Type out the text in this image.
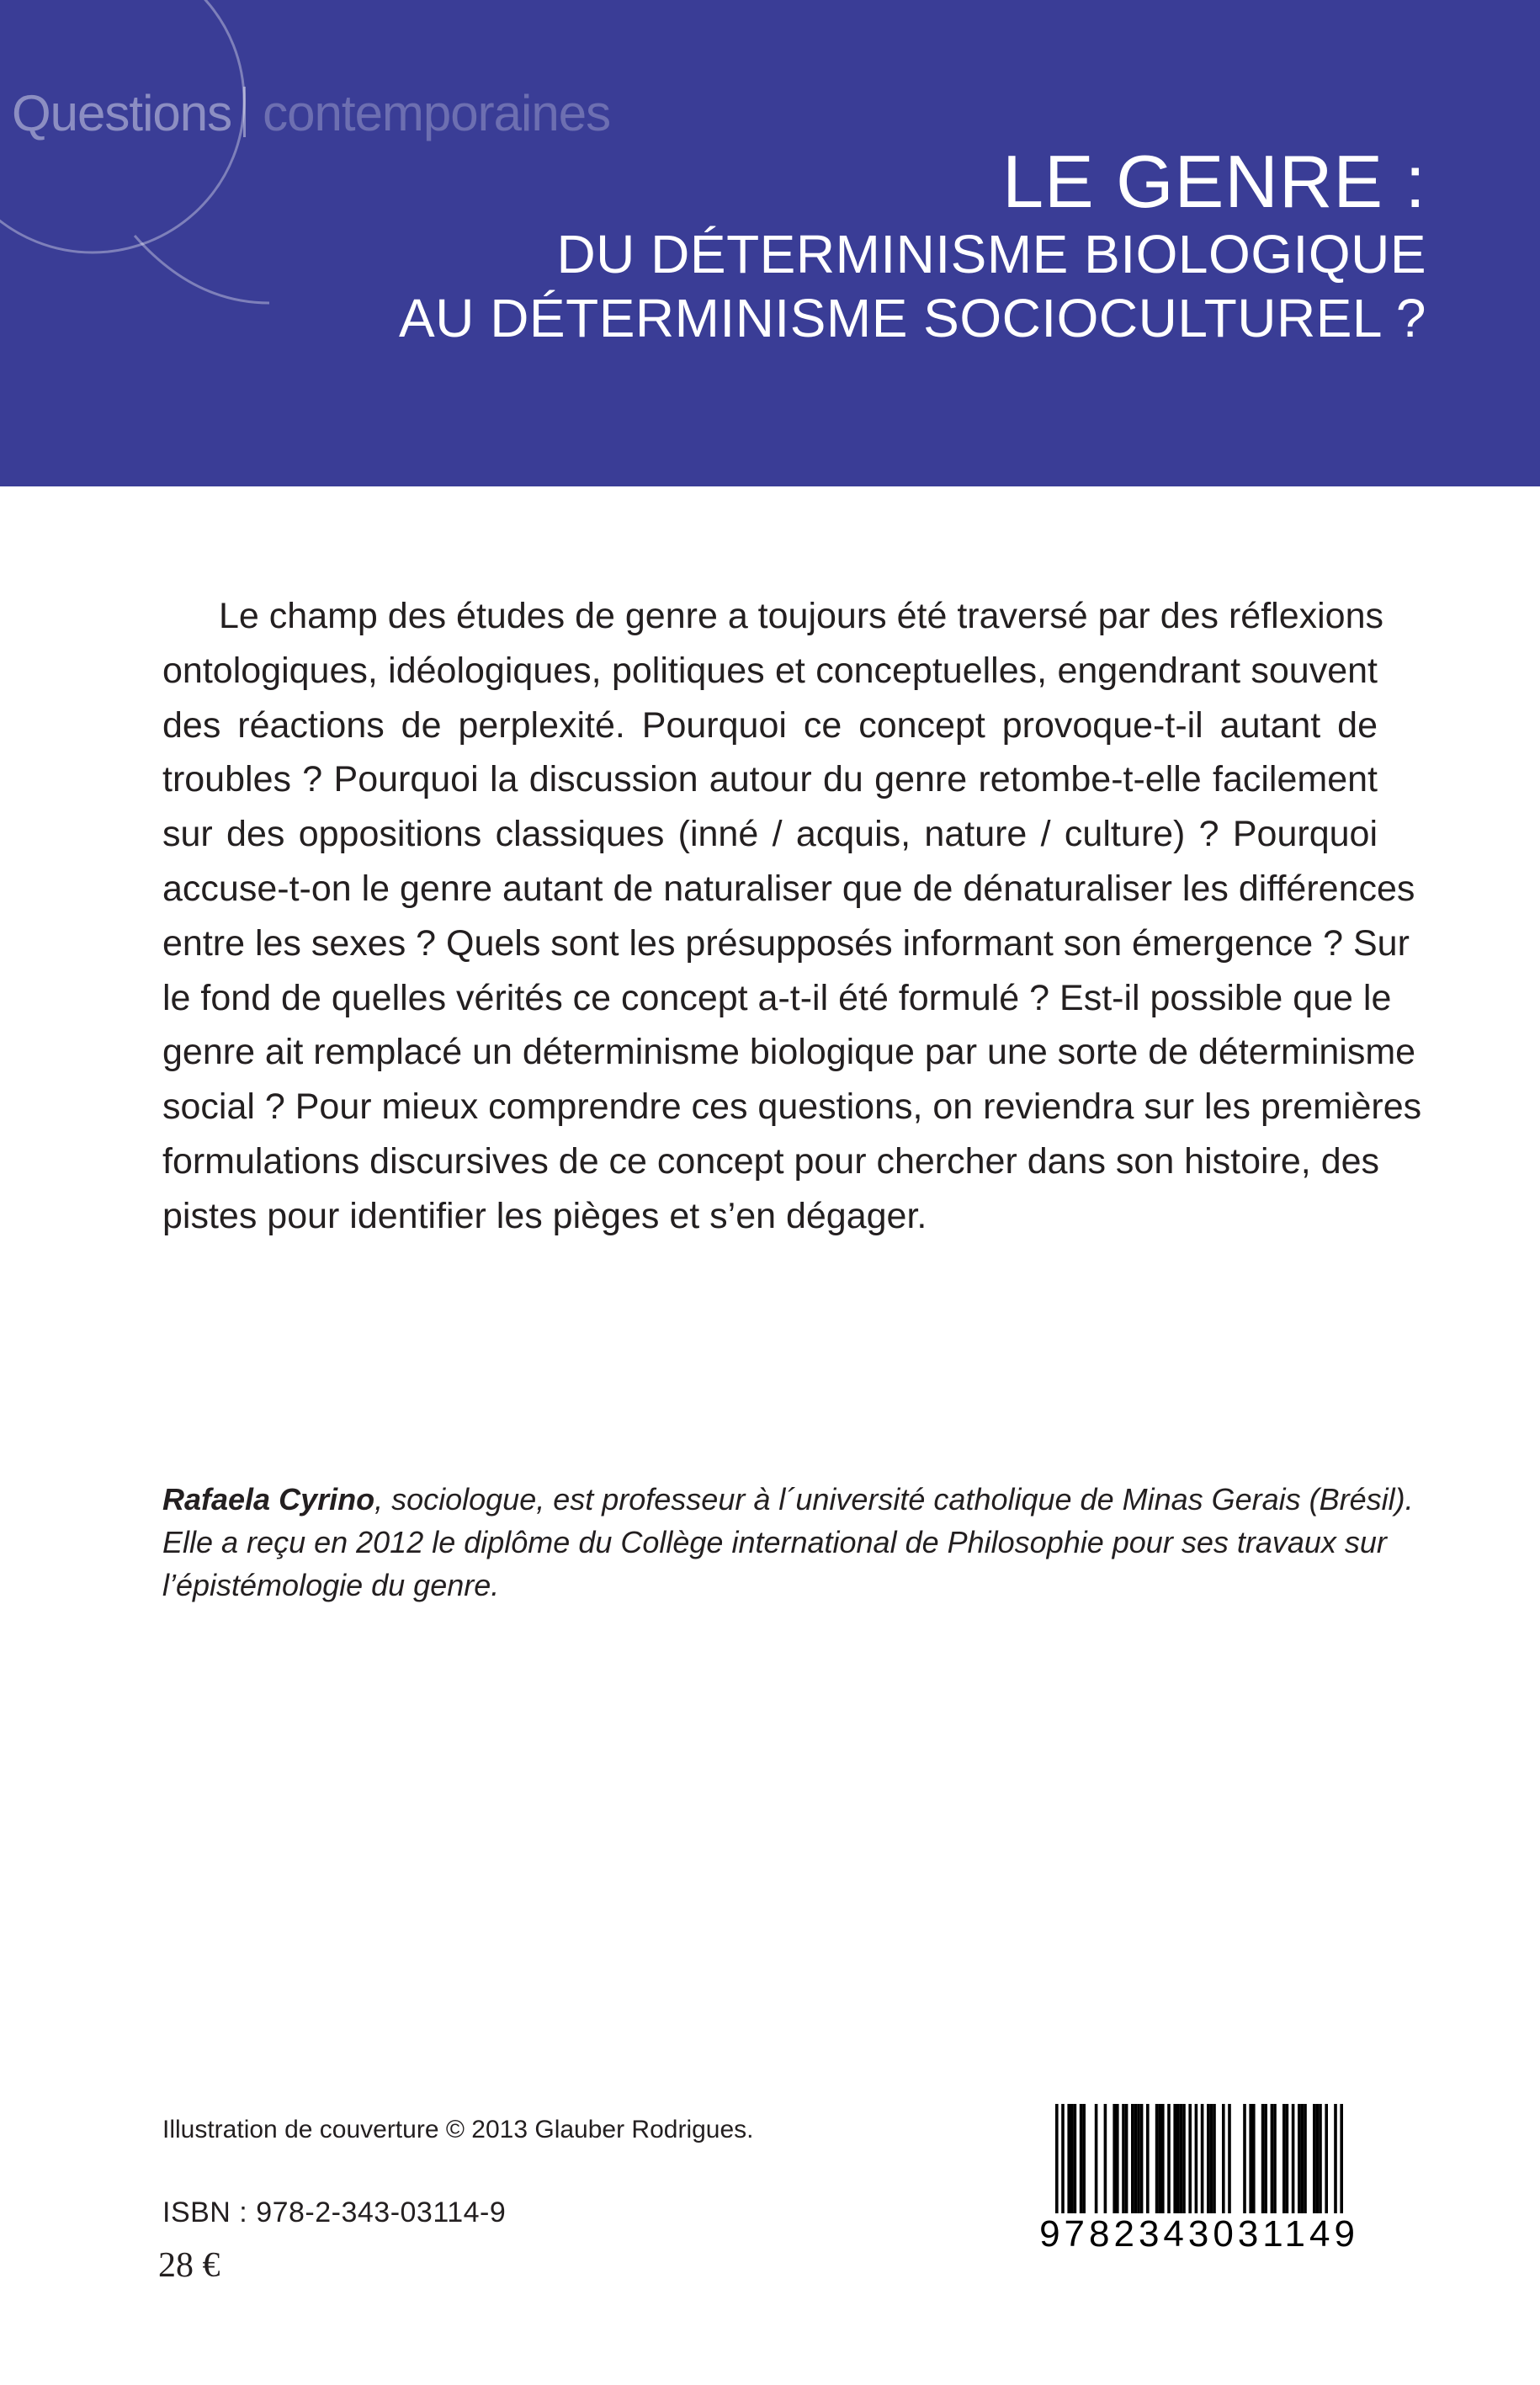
Questions contemporaines
LE GENRE :
DU DÉTERMINISME BIOLOGIQUE
AU DÉTERMINISME SOCIOCULTUREL ?
Le champ des études de genre a toujours été traversé par des réflexions
ontologiques, idéologiques, politiques et conceptuelles, engendrant souvent
des réactions de perplexité. Pourquoi ce concept provoque-t-il autant de
troubles ? Pourquoi la discussion autour du genre retombe-t-elle facilement
sur des oppositions classiques (inné / acquis, nature / culture) ? Pourquoi
accuse-t-on le genre autant de naturaliser que de dénaturaliser les différences
entre les sexes ? Quels sont les présupposés informant son émergence ? Sur
le fond de quelles vérités ce concept a-t-il été formulé ? Est-il possible que le
genre ait remplacé un déterminisme biologique par une sorte de déterminisme
social ? Pour mieux comprendre ces questions, on reviendra sur les premières
formulations discursives de ce concept pour chercher dans son histoire, des
pistes pour identifier les pièges et s’en dégager.
Rafaela Cyrino, sociologue, est professeur à l´université catholique de Minas Gerais (Brésil).
Elle a reçu en 2012 le diplôme du Collège international de Philosophie pour ses travaux sur
l’épistémologie du genre.
Illustration de couverture © 2013 Glauber Rodrigues.
ISBN : 978-2-343-03114-9
28 €
9782343031149
